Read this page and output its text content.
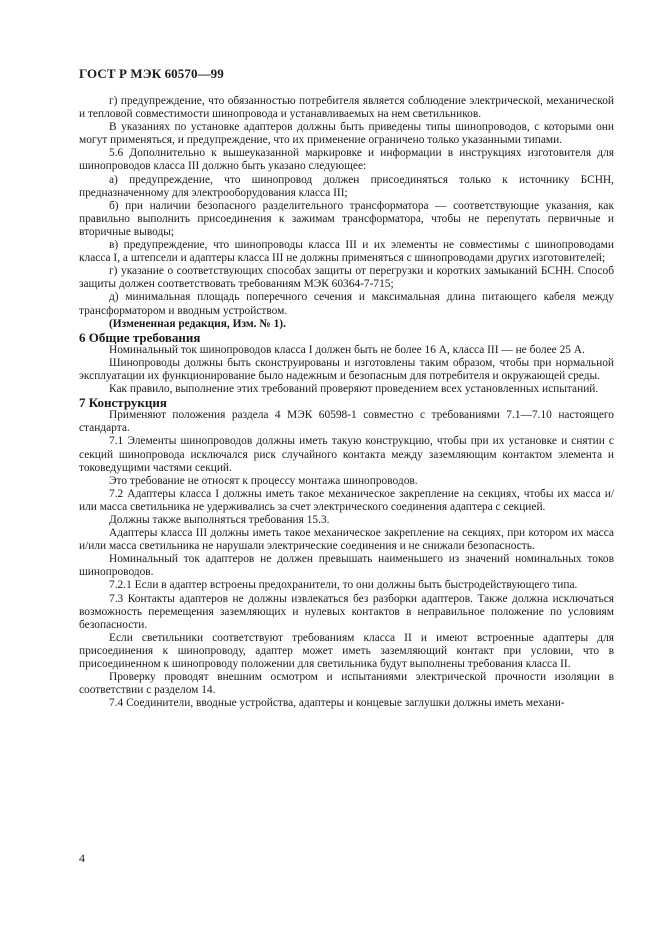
ГОСТ Р МЭК 60570—99

г) предупреждение, что обязанностью потребителя является соблюдение электрической, механической и тепловой совместимости шинопровода и устанавливаемых на нем светильников.

В указаниях по установке адаптеров должны быть приведены типы шинопроводов, с которыми они могут применяться, и предупреждение, что их применение ограничено только указанными типами.

5.6 Дополнительно к вышеуказанной маркировке и информации в инструкциях изготовителя для шинопроводов класса III должно быть указано следующее:

а) предупреждение, что шинопровод должен присоединяться только к источнику БСНН, предназначенному для электрооборудования класса III;

б) при наличии безопасного разделительного трансформатора — соответствующие указания, как правильно выполнить присоединения к зажимам трансформатора, чтобы не перепутать первичные и вторичные выводы;

в) предупреждение, что шинопроводы класса III и их элементы не совместимы с шинопроводами класса I, а штепсели и адаптеры класса III не должны применяться с шинопроводами других изготовителей;

г) указание о соответствующих способах защиты от перегрузки и коротких замыканий БСНН. Способ защиты должен соответствовать требованиям МЭК 60364-7-715;

д) минимальная площадь поперечного сечения и максимальная длина питающего кабеля между трансформатором и вводным устройством.

(Измененная редакция, Изм. № 1).

6 Общие требования

Номинальный ток шинопроводов класса I должен быть не более 16 А, класса III — не более 25 А.

Шинопроводы должны быть сконструированы и изготовлены таким образом, чтобы при нормальной эксплуатации их функционирование было надежным и безопасным для потребителя и окружающей среды.

Как правило, выполнение этих требований проверяют проведением всех установленных испытаний.

7 Конструкция

Применяют положения раздела 4 МЭК 60598-1 совместно с требованиями 7.1—7.10 настоящего стандарта.

7.1 Элементы шинопроводов должны иметь такую конструкцию, чтобы при их установке и снятии с секций шинопровода исключался риск случайного контакта между заземляющим контактом элемента и токоведущими частями секций.

Это требование не относят к процессу монтажа шинопроводов.

7.2 Адаптеры класса I должны иметь такое механическое закрепление на секциях, чтобы их масса и/или масса светильника не удерживались за счет электрического соединения адаптера с секцией.

Должны также выполняться требования 15.3.

Адаптеры класса III должны иметь такое механическое закрепление на секциях, при котором их масса и/или масса светильника не нарушали электрические соединения и не снижали безопасность.

Номинальный ток адаптеров не должен превышать наименьшего из значений номинальных токов шинопроводов.

7.2.1 Если в адаптер встроены предохранители, то они должны быть быстродействующего типа.

7.3 Контакты адаптеров не должны извлекаться без разборки адаптеров. Также должна исключаться возможность перемещения заземляющих и нулевых контактов в неправильное положение по условиям безопасности.

Если светильники соответствуют требованиям класса II и имеют встроенные адаптеры для присоединения к шинопроводу, адаптер может иметь заземляющий контакт при условии, что в присоединенном к шинопроводу положении для светильника будут выполнены требования класса II.

Проверку проводят внешним осмотром и испытаниями электрической прочности изоляции в соответствии с разделом 14.

7.4 Соединители, вводные устройства, адаптеры и концевые заглушки должны иметь механи-

4
